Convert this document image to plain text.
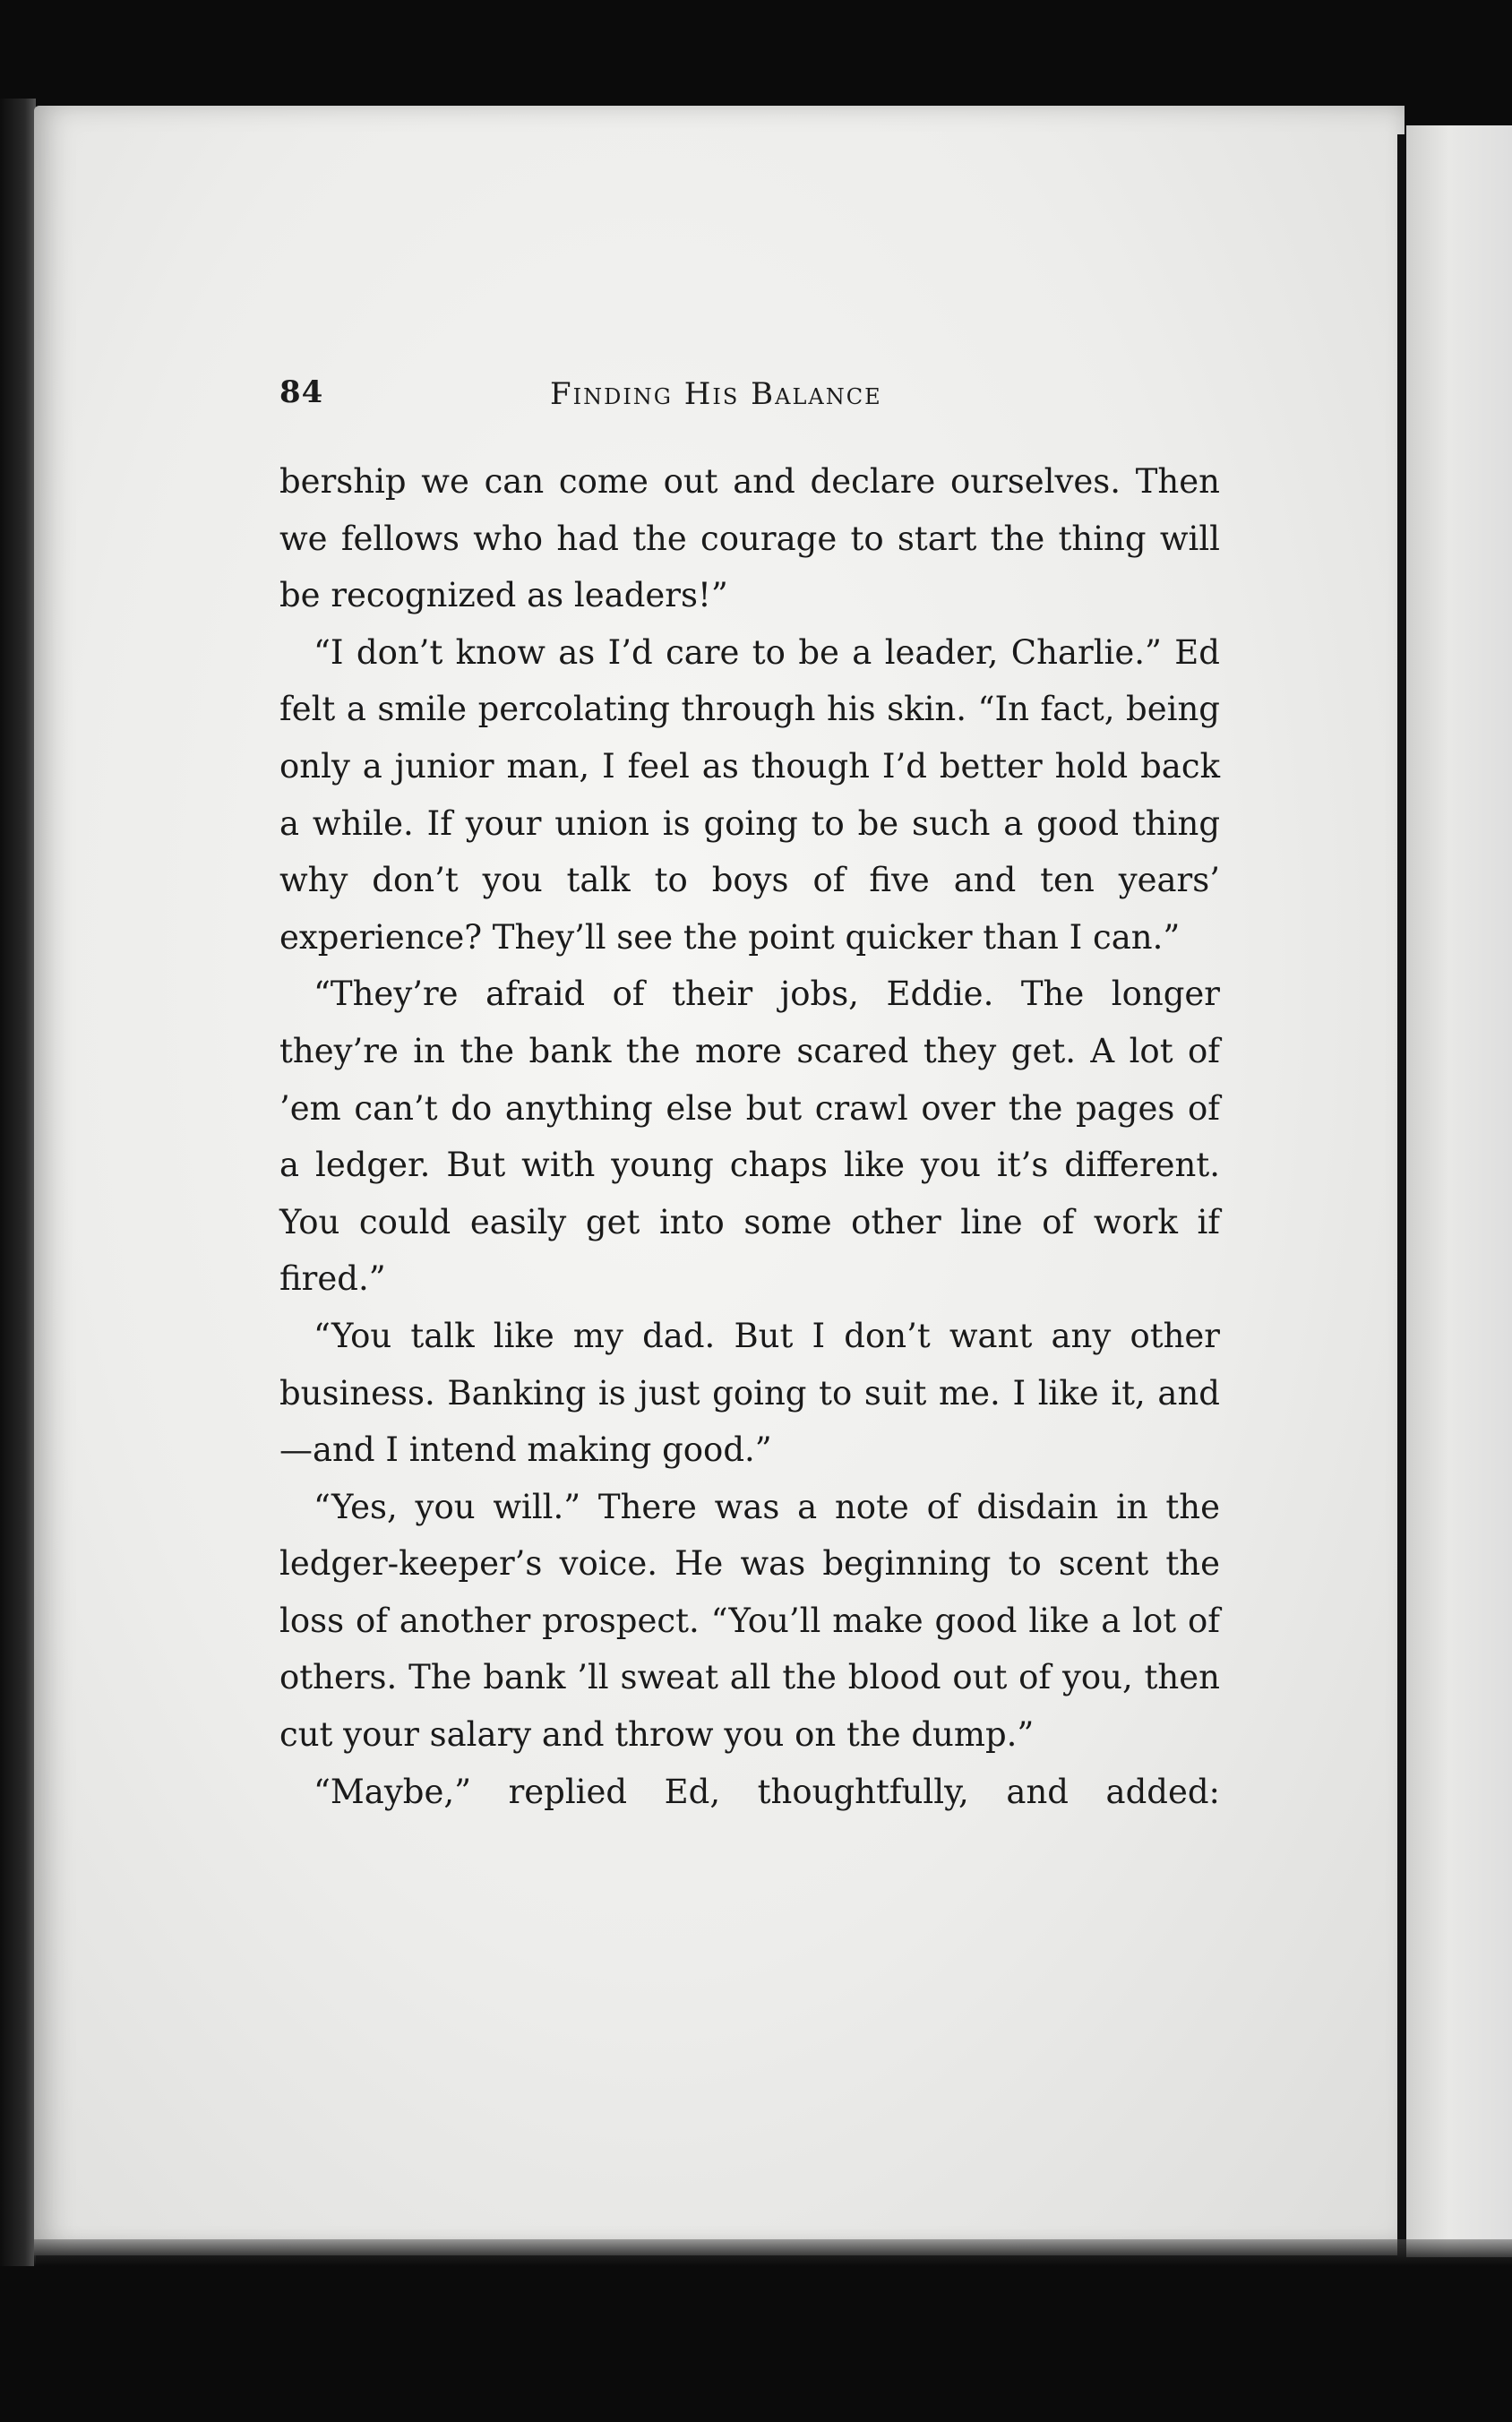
84	Finding His Balance

bership we can come out and declare ourselves. Then we fellows who had the courage to start the thing will be recognized as leaders!”

“I don’t know as I’d care to be a leader, Charlie.” Ed felt a smile percolating through his skin. “In fact, being only a junior man, I feel as though I’d better hold back a while. If your union is going to be such a good thing why don’t you talk to boys of five and ten years’ experience? They’ll see the point quicker than I can.”

“They’re afraid of their jobs, Eddie. The longer they’re in the bank the more scared they get. A lot of ’em can’t do anything else but crawl over the pages of a ledger. But with young chaps like you it’s different. You could easily get into some other line of work if fired.”

“You talk like my dad. But I don’t want any other business. Banking is just going to suit me. I like it, and—and I intend making good.”

“Yes, you will.” There was a note of disdain in the ledger-keeper’s voice. He was beginning to scent the loss of another prospect. “You’ll make good like a lot of others. The bank ’ll sweat all the blood out of you, then cut your salary and throw you on the dump.”

“Maybe,” replied Ed, thoughtfully, and added:
